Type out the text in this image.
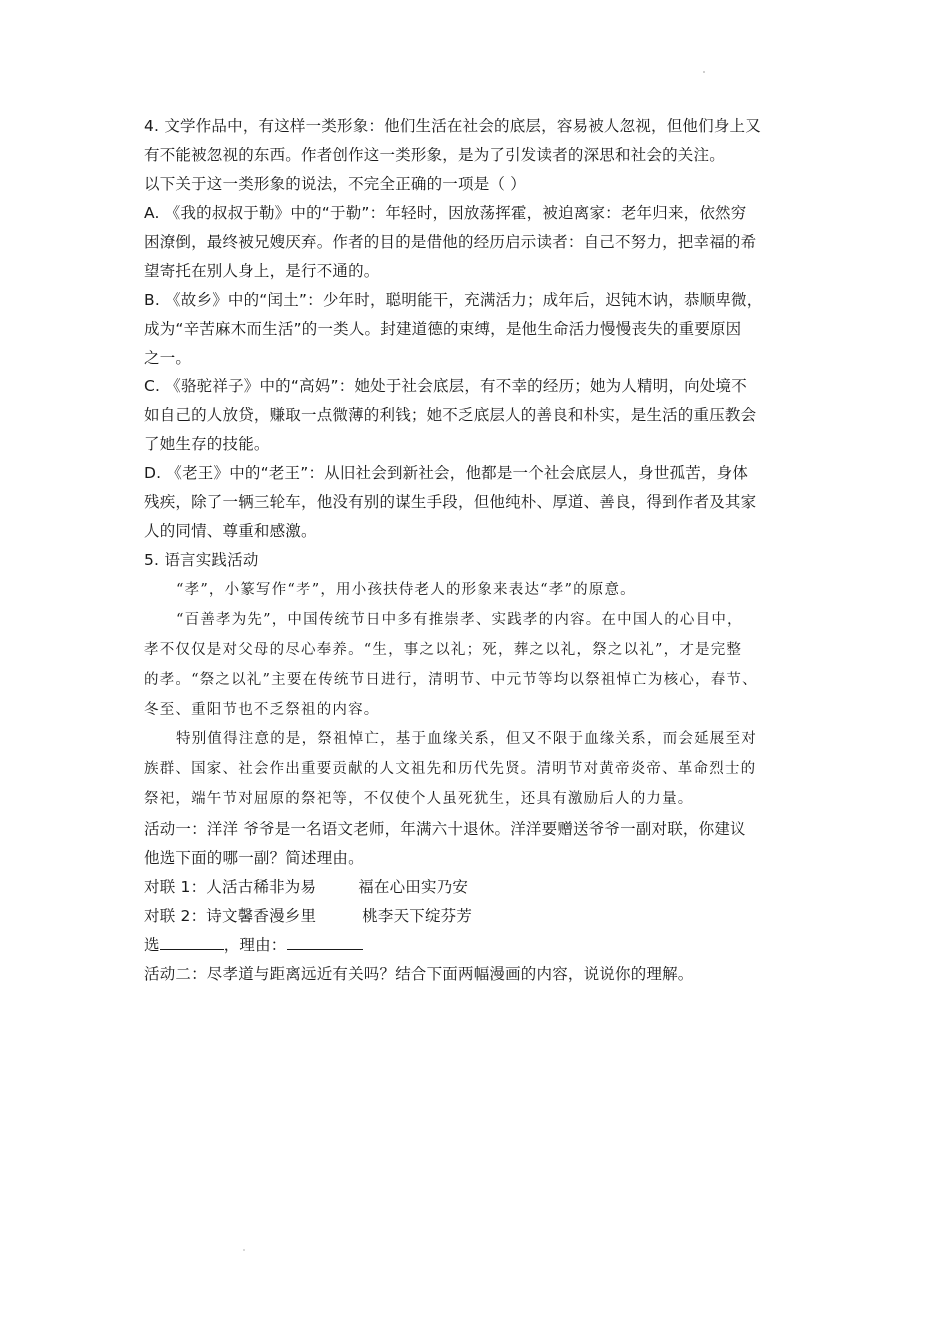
4. 文学作品中，有这样一类形象：他们生活在社会的底层，容易被人忽视，但他们身上又
有不能被忽视的东西。作者创作这一类形象，是为了引发读者的深思和社会的关注。
以下关于这一类形象的说法，不完全正确的一项是（ ）
A. 《我的叔叔于勒》中的“于勒”：年轻时，因放荡挥霍，被迫离家：老年归来，依然穷
困潦倒，最终被兄嫂厌弃。作者的目的是借他的经历启示读者：自己不努力，把幸福的希
望寄托在别人身上，是行不通的。
B. 《故乡》中的“闰土”：少年时，聪明能干，充满活力；成年后，迟钝木讷，恭顺卑微，
成为“辛苦麻木而生活”的一类人。封建道德的束缚，是他生命活力慢慢丧失的重要原因
之一。
C. 《骆驼祥子》中的“高妈”：她处于社会底层，有不幸的经历；她为人精明，向处境不
如自己的人放贷，赚取一点微薄的利钱；她不乏底层人的善良和朴实，是生活的重压教会
了她生存的技能。
D. 《老王》中的“老王”：从旧社会到新社会，他都是一个社会底层人，身世孤苦，身体
残疾，除了一辆三轮车，他没有别的谋生手段，但他纯朴、厚道、善良，得到作者及其家
人的同情、尊重和感激。
5. 语言实践活动
“孝”，小篆写作“𦒱”，用小孩扶侍老人的形象来表达“孝”的原意。
“百善孝为先”，中国传统节日中多有推崇孝、实践孝的内容。在中国人的心目中，
孝不仅仅是对父母的尽心奉养。“生，事之以礼；死，葬之以礼，祭之以礼”，才是完整
的孝。“祭之以礼”主要在传统节日进行，清明节、中元节等均以祭祖悼亡为核心，春节、
冬至、重阳节也不乏祭祖的内容。
特别值得注意的是，祭祖悼亡，基于血缘关系，但又不限于血缘关系，而会延展至对
族群、国家、社会作出重要贡献的人文祖先和历代先贤。清明节对黄帝炎帝、革命烈士的
祭祀，端午节对屈原的祭祀等，不仅使个人虽死犹生，还具有激励后人的力量。
活动一：洋洋 爷爷是一名语文老师，年满六十退休。洋洋要赠送爷爷一副对联，你建议
他选下面的哪一副？简述理由。
对联 1：人活古稀非为易	福在心田实乃安
对联 2：诗文馨香漫乡里	桃李天下绽芬芳
选	，理由：
活动二：尽孝道与距离远近有关吗？结合下面两幅漫画的内容，说说你的理解。
